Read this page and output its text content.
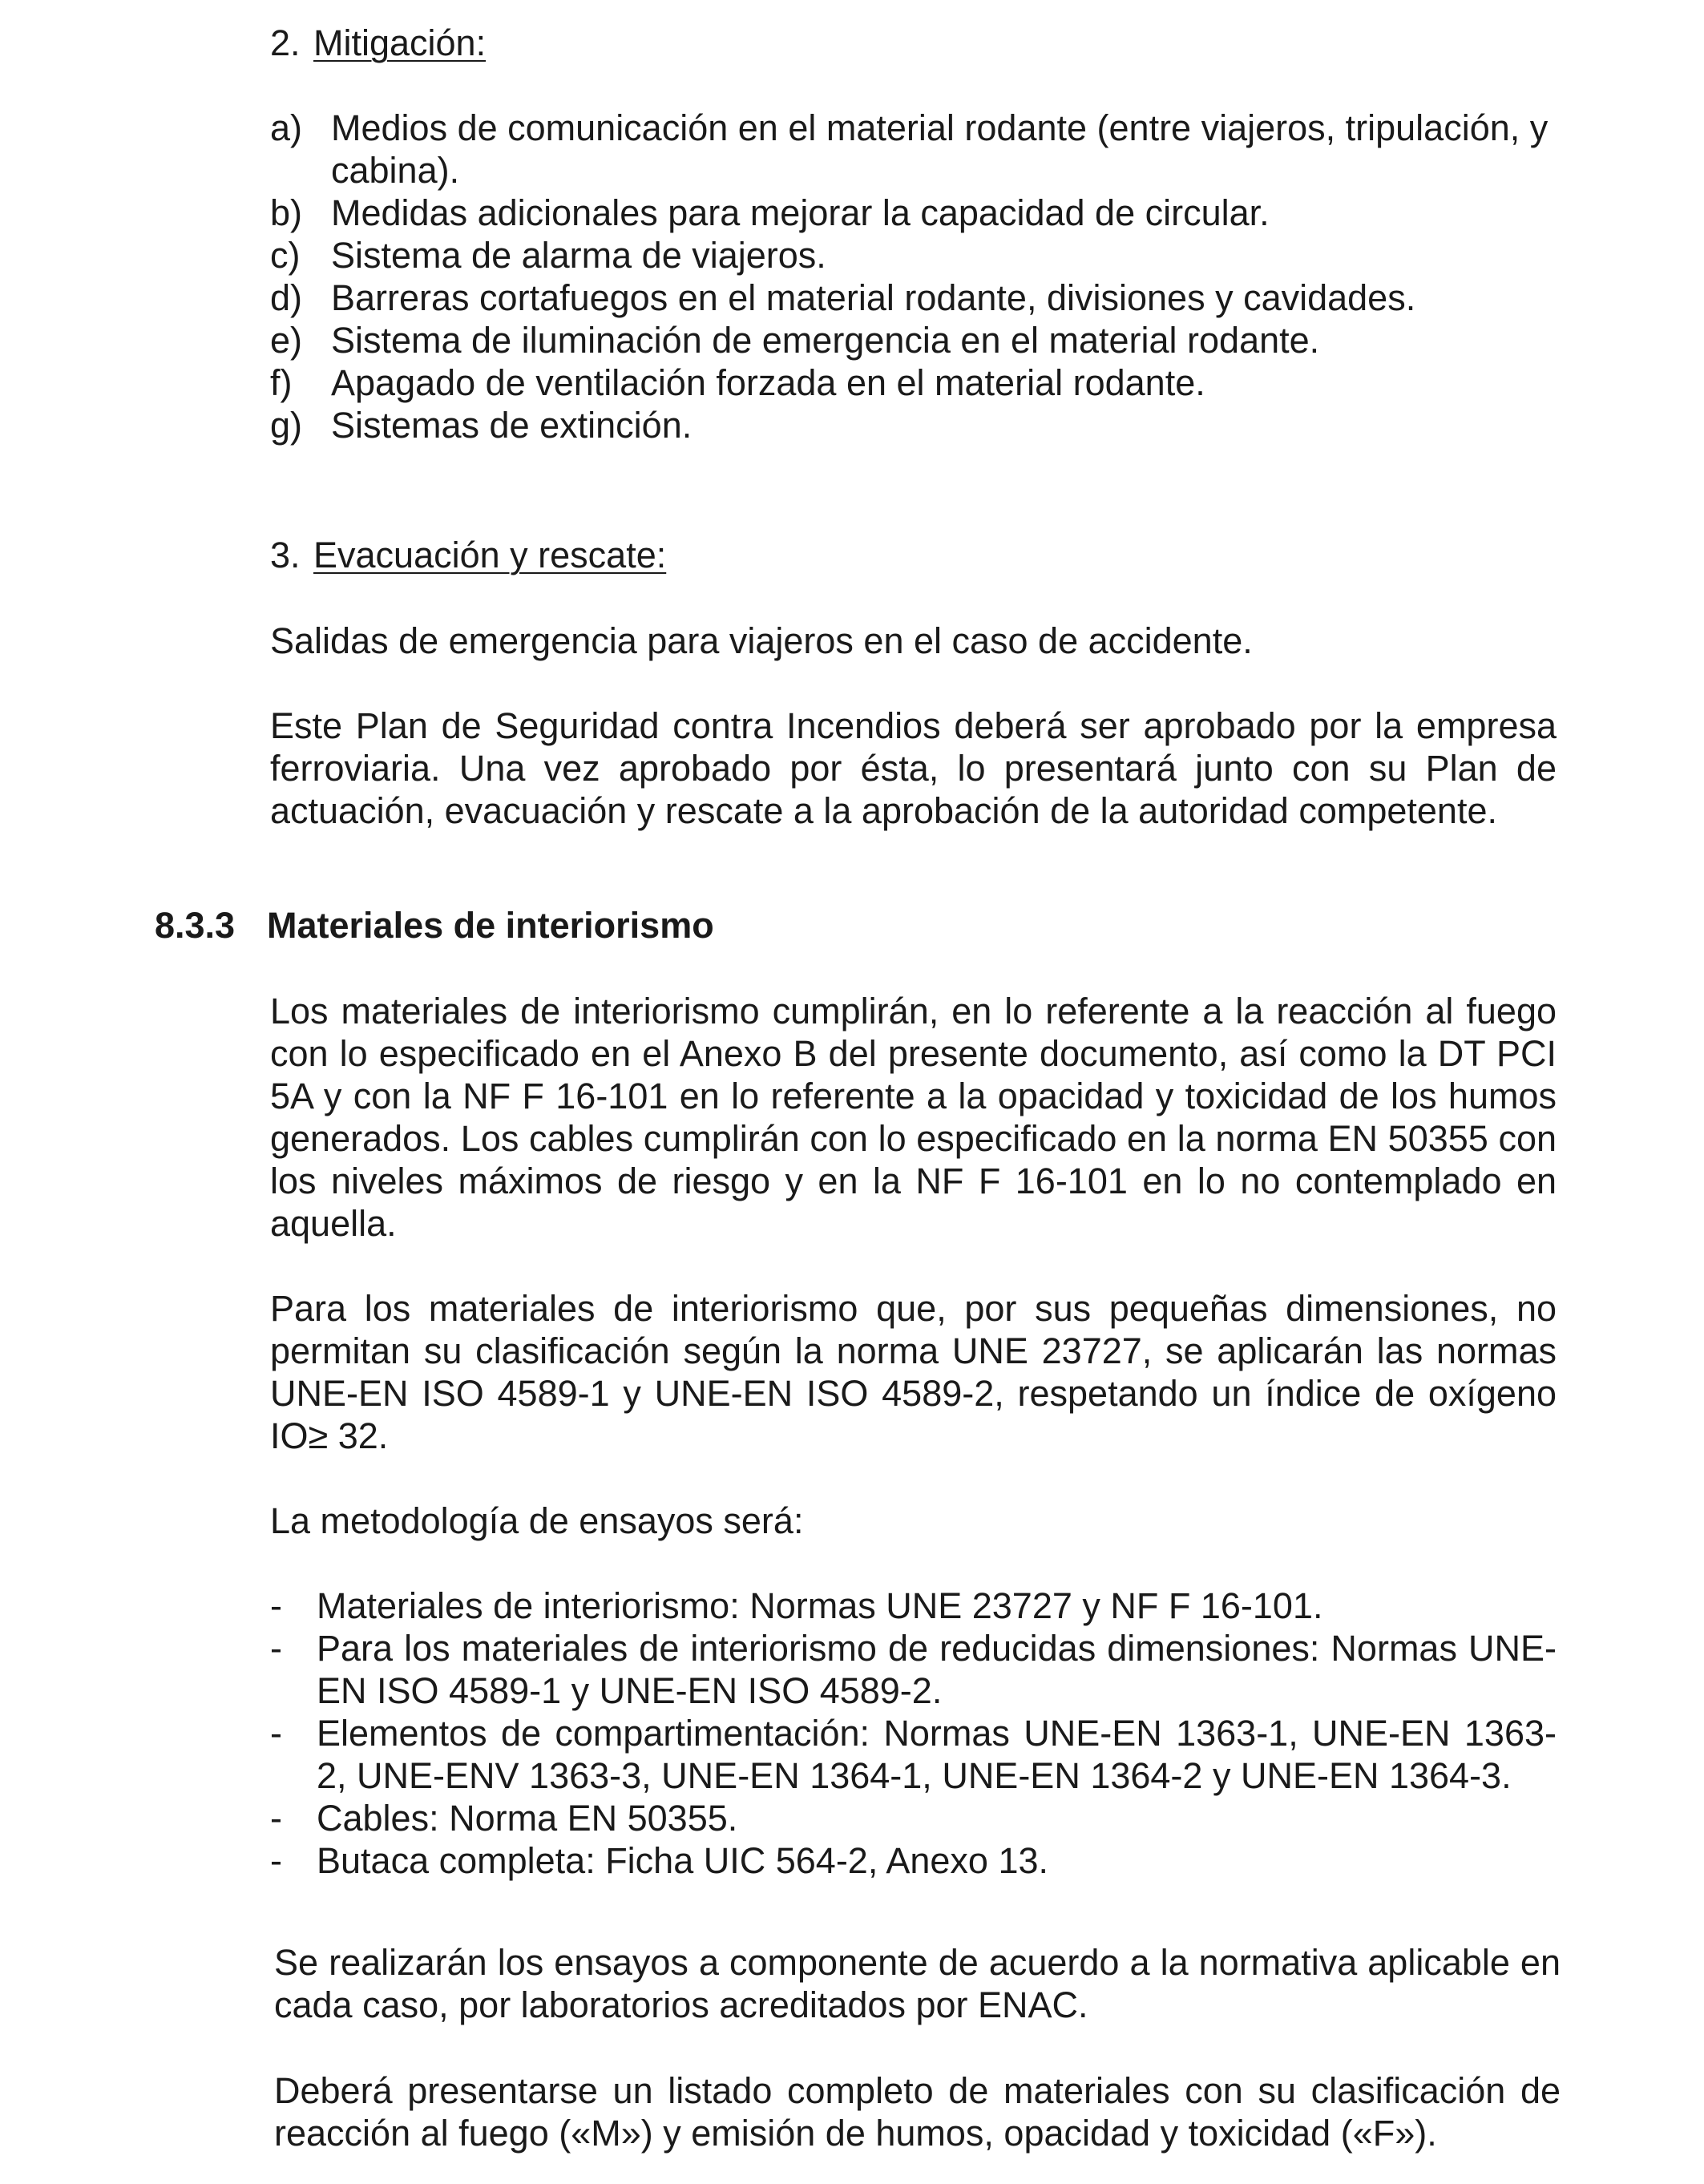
2. Mitigación:

a) Medios de comunicación en el material rodante (entre viajeros, tripulación, y cabina).
b) Medidas adicionales para mejorar la capacidad de circular.
c) Sistema de alarma de viajeros.
d) Barreras cortafuegos en el material rodante, divisiones y cavidades.
e) Sistema de iluminación de emergencia en el material rodante.
f) Apagado de ventilación forzada en el material rodante.
g) Sistemas de extinción.

3. Evacuación y rescate:

Salidas de emergencia para viajeros en el caso de accidente.

Este Plan de Seguridad contra Incendios deberá ser aprobado por la empresa ferroviaria. Una vez aprobado por ésta, lo presentará junto con su Plan de actuación, evacuación y rescate a la aprobación de la autoridad competente.

8.3.3 Materiales de interiorismo

Los materiales de interiorismo cumplirán, en lo referente a la reacción al fuego con lo especificado en el Anexo B del presente documento, así como la DT PCI 5A y con la NF F 16-101 en lo referente a la opacidad y toxicidad de los humos generados. Los cables cumplirán con lo especificado en la norma EN 50355 con los niveles máximos de riesgo y en la NF F 16-101 en lo no contemplado en aquella.

Para los materiales de interiorismo que, por sus pequeñas dimensiones, no permitan su clasificación según la norma UNE 23727, se aplicarán las normas UNE-EN ISO 4589-1 y UNE-EN ISO 4589-2, respetando un índice de oxígeno IO≥ 32.

La metodología de ensayos será:

- Materiales de interiorismo: Normas UNE 23727 y NF F 16-101.
- Para los materiales de interiorismo de reducidas dimensiones: Normas UNE-EN ISO 4589-1 y UNE-EN ISO 4589-2.
- Elementos de compartimentación: Normas UNE-EN 1363-1, UNE-EN 1363-2, UNE-ENV 1363-3, UNE-EN 1364-1, UNE-EN 1364-2 y UNE-EN 1364-3.
- Cables: Norma EN 50355.
- Butaca completa: Ficha UIC 564-2, Anexo 13.

Se realizarán los ensayos a componente de acuerdo a la normativa aplicable en cada caso, por laboratorios acreditados por ENAC.

Deberá presentarse un listado completo de materiales con su clasificación de reacción al fuego («M») y emisión de humos, opacidad y toxicidad («F»).
